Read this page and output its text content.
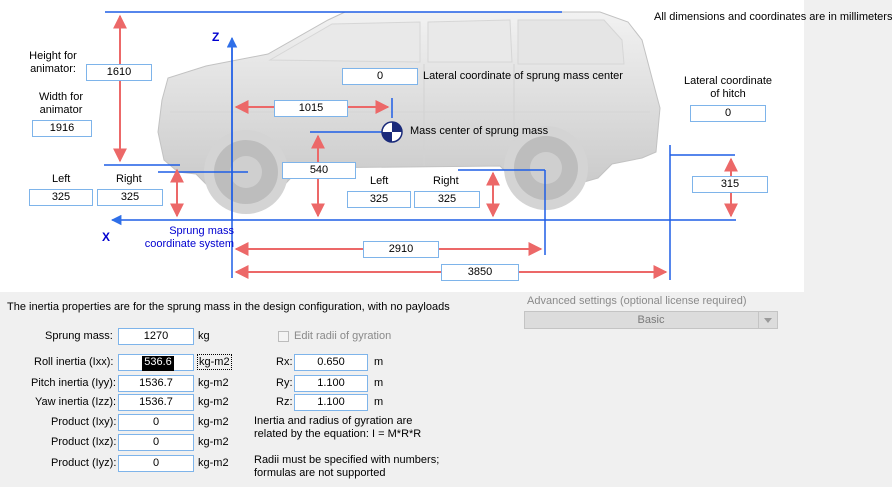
All dimensions and coordinates are in millimeters
Z
X
Height for animator:	1610
Width for animator
1916
0	Lateral coordinate of sprung mass center	Lateral coordinate of hitch
0
1015
Mass center of sprung mass
540
Left	Right
325	325
Left	Right
325	325
315
Sprung mass coordinate system	2910
3850
The inertia properties are for the sprung mass in the design configuration, with no payloads	Advanced settings (optional license required)
Basic
Sprung mass:	1270	kg	Edit radii of gyration
Roll inertia (Ixx):	536.6	kg-m2
Pitch inertia (Iyy):	1536.7	kg-m2
Yaw inertia (Izz):	1536.7	kg-m2
Product (Ixy):	0	kg-m2
Product (Ixz):	0	kg-m2
Product (Iyz):	0	kg-m2
Rx:	0.650	m
Ry:	1.100	m
Rz:	1.100	m
Inertia and radius of gyration are
related by the equation: I = M*R*R
Radii must be specified with numbers;
formulas are not supported
